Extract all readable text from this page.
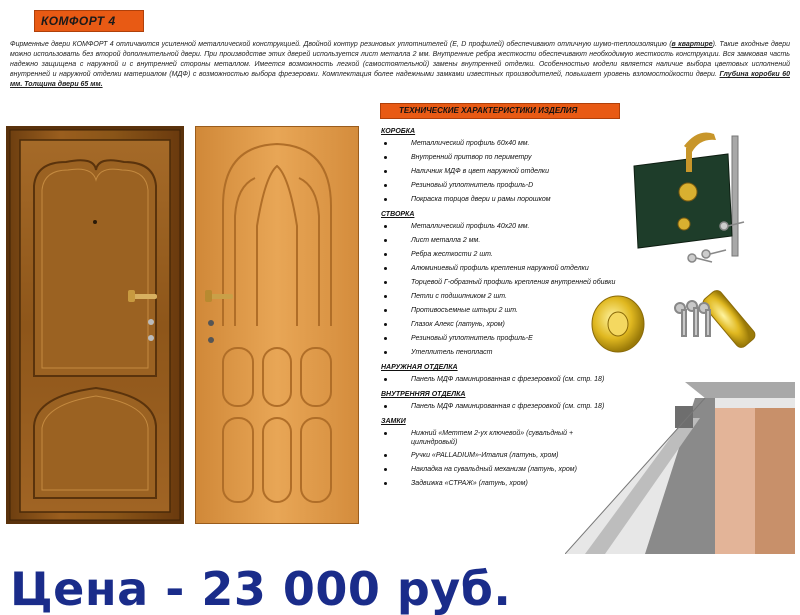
КОМФОРТ 4
Фирменные двери КОМФОРТ 4 отличаются усиленной металлической конструкцией. Двойной контур резиновых уплотнителей (E, D профилей) обеспечивают отличную шумо-теплоизоляцию (в квартире). Такие входные двери можно использовать без второй дополнительной двери. При производстве этих дверей используется лист металла 2 мм. Внутренние ребра жесткости обеспечивают необходимую жесткость конструкции. Вся замковая часть надежно защищена с наружной и с внутренней стороны металлом. Имеется возможность легкой (самостоятельной) замены внутренней отделки. Особенностью модели является наличие выбора цветовых исполнений внутренней и наружной отделки материалом (МДФ) с возможностью выбора фрезеровки. Комплектация более надежными замками известных производителей, повышает уровень взломостойкости двери. Глубина коробки 60 мм. Толщина двери 65 мм.
ТЕХНИЧЕСКИЕ ХАРАКТЕРИСТИКИ ИЗДЕЛИЯ
КОРОБКА
Металлический профиль 60х40 мм.
Внутренний притвор по периметру
Наличник МДФ в цвет наружной отделки
Резиновый уплотнитель профиль-D
Покраска торцов двери и рамы порошком
СТВОРКА
Металлический профиль 40х20 мм.
Лист металла 2 мм.
Ребра жесткости 2 шт.
Алюминиевый профиль крепления наружной отделки
Торцевой Г-образный профиль крепления внутренней обивки
Петли с подшипником 2 шт.
Противосъемные штыри 2 шт.
Глазок Алекс (латунь, хром)
Резиновый уплотнитель профиль-E
Утеплитель пенопласт
НАРУЖНАЯ ОТДЕЛКА
Панель МДФ ламинированная с фрезеровкой (см. стр. 18)
ВНУТРЕННЯЯ ОТДЕЛКА
Панель МДФ ламинированная с фрезеровкой (см. стр. 18)
ЗАМКИ
Нижний «Меттем 2-ух ключевой» (сувальдный + цилиндровый)
Ручки «PALLADIUM»-Италия (латунь, хром)
Накладка на сувальдный механизм (латунь, хром)
Задвижка «СТРАЖ» (латунь, хром)
Цена - 23 000 руб.
